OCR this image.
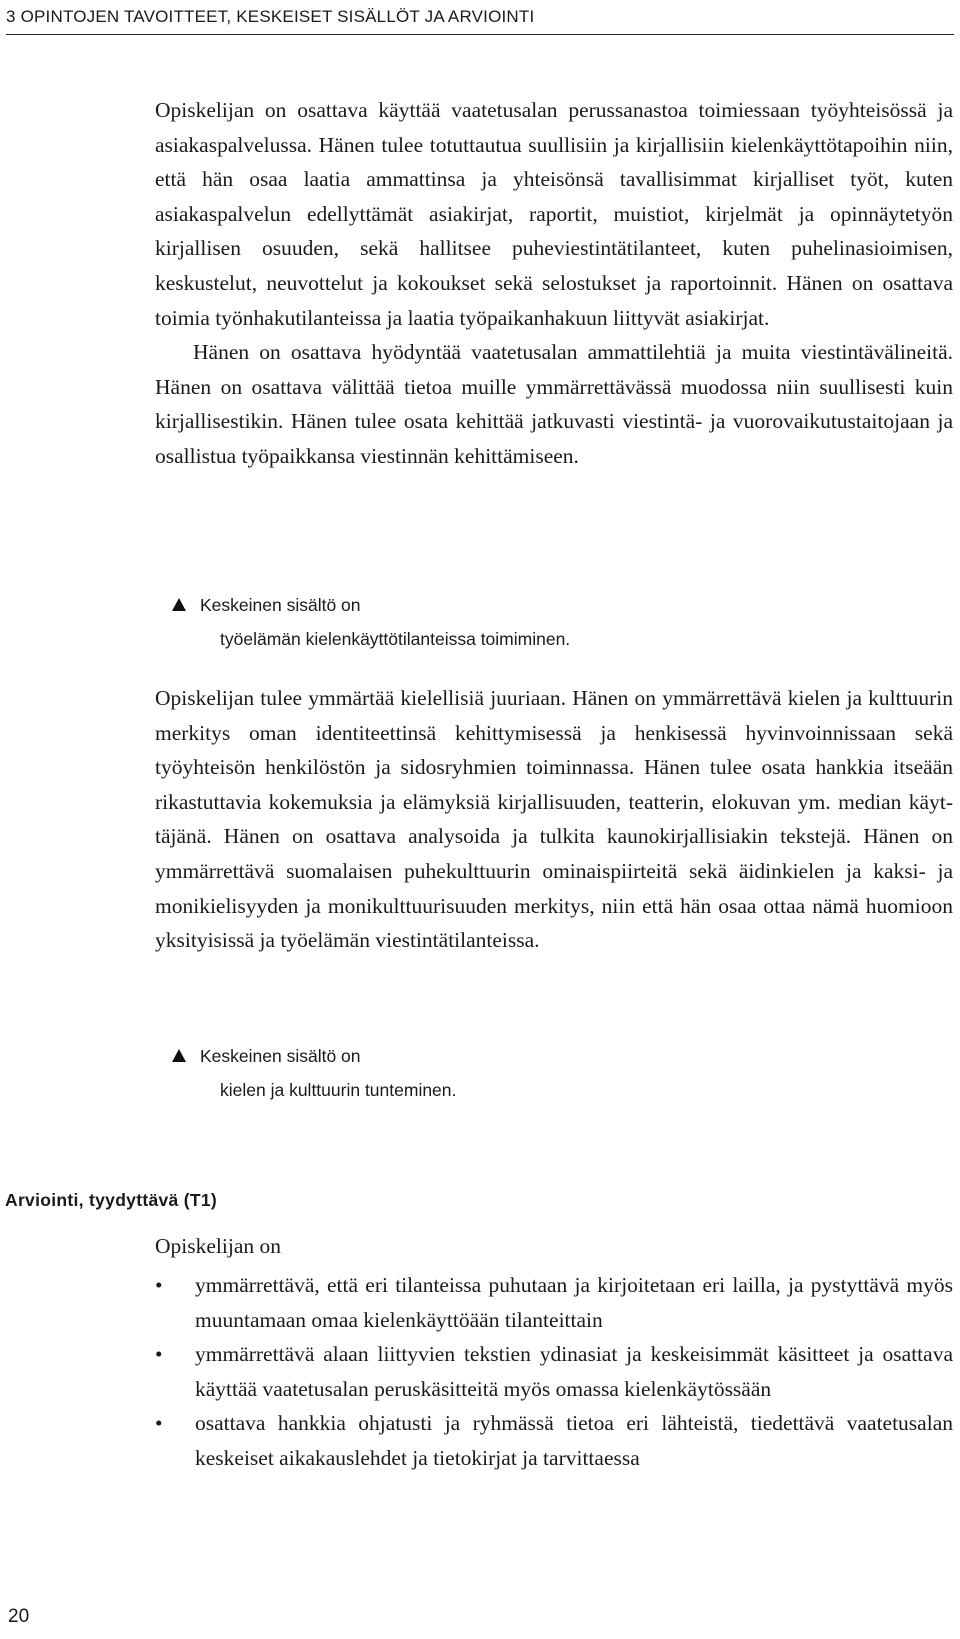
3 OPINTOJEN TAVOITTEET, KESKEISET SISÄLLÖT JA ARVIOINTI

Opiskelijan on osattava käyttää vaatetusalan perussanastoa toimiessaan työyhteisössä ja asiakaspalvelussa. Hänen tulee totuttautua suullisiin ja kirjallisiin kielenkäyttötapoihin niin, että hän osaa laatia ammattinsa ja yhteisönsä tavallisimmat kirjalliset työt, kuten asiakaspalvelun edellyttämät asiakirjat, raportit, muistiot, kirjelmät ja opinnäytetyön kirjallisen osuuden, sekä hallitsee puheviestintätilanteet, kuten puhelinasioimisen, keskustelut, neuvottelut ja kokoukset sekä selostukset ja raportoinnit. Hänen on osattava toimia työnhakutilanteissa ja laatia työpaikanhakuun liittyvät asiakirjat.

Hänen on osattava hyödyntää vaatetusalan ammattilehtiä ja muita viestintävälineitä. Hänen on osattava välittää tietoa muille ymmärrettävässä muodossa niin suullisesti kuin kirjallisestikin. Hänen tulee osata kehittää jatkuvasti viestintä- ja vuorovaikutustaitojaan ja osallistua työpaikkansa viestinnän kehittämiseen.

Keskeinen sisältö on
työelämän kielenkäyttötilanteissa toimiminen.

Opiskelijan tulee ymmärtää kielellisiä juuriaan. Hänen on ymmärrettävä kielen ja kulttuurin merkitys oman identiteettinsä kehittymisessä ja henkisessä hyvinvoinnissaan sekä työyhteisön henkilöstön ja sidosryhmien toiminnassa. Hänen tulee osata hankkia itseään rikastuttavia kokemuksia ja elämyksiä kirjallisuuden, teatterin, elokuvan ym. median käyttäjänä. Hänen on osattava analysoida ja tulkita kaunokirjallisiakin tekstejä. Hänen on ymmärrettävä suomalaisen puhekulttuurin ominaispiirteitä sekä äidinkielen ja kaksi- ja monikielisyyden ja monikulttuurisuuden merkitys, niin että hän osaa ottaa nämä huomioon yksityisissä ja työelämän viestintätilanteissa.

Keskeinen sisältö on
kielen ja kulttuurin tunteminen.
Arviointi, tyydyttävä (T1)
Opiskelijan on
• ymmärrettävä, että eri tilanteissa puhutaan ja kirjoitetaan eri lailla, ja pystyttävä myös muuntamaan omaa kielenkäyttöään tilanteittain
• ymmärrettävä alaan liittyvien tekstien ydinasiat ja keskeisimmät käsitteet ja osattava käyttää vaatetusalan peruskäsitteitä myös omassa kielenkäytössään
• osattava hankkia ohjatusti ja ryhmässä tietoa eri lähteistä, tiedettävä vaatetusalan keskeiset aikakauslehdet ja tietokirjat ja tarvittaessa
20
